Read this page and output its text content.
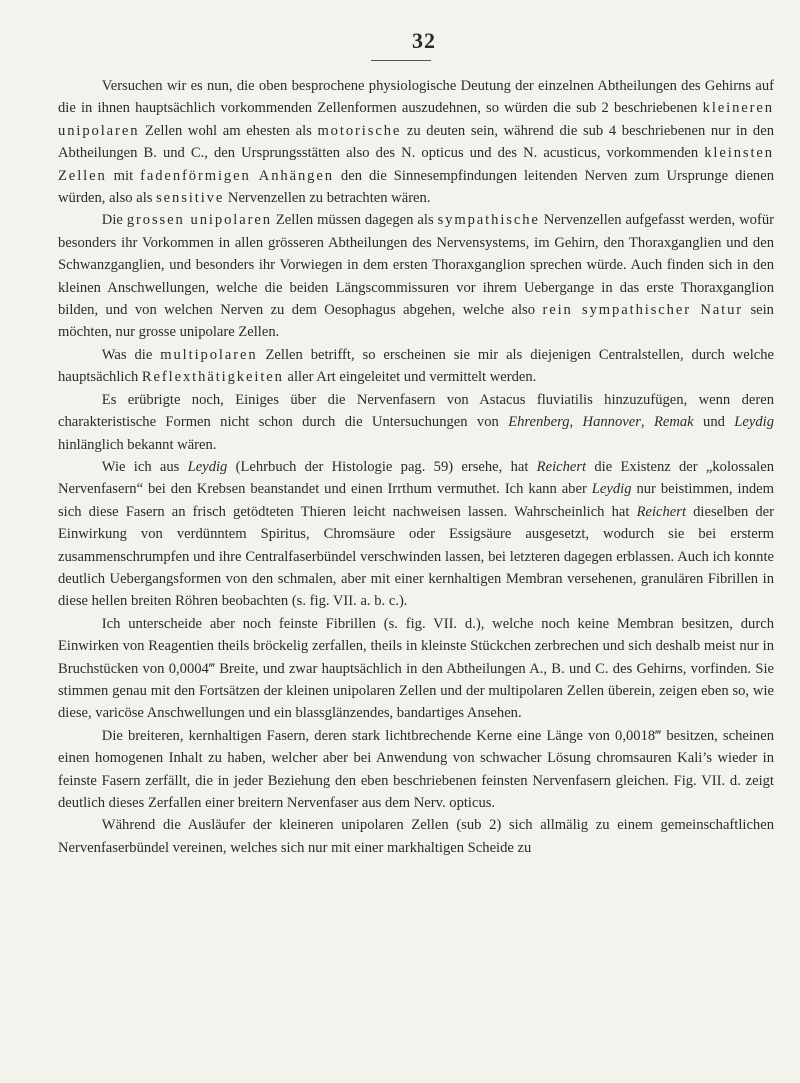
32

Versuchen wir es nun, die oben besprochene physiologische Deutung der einzelnen Abtheilungen des Gehirns auf die in ihnen hauptsächlich vorkommenden Zellenformen auszudehnen, so würden die sub 2 beschriebenen kleineren unipolaren Zellen wohl am ehesten als motorische zu deuten sein, während die sub 4 beschriebenen nur in den Abtheilungen B. und C., den Ursprungsstätten also des N. opticus und des N. acusticus, vorkommenden kleinsten Zellen mit fadenförmigen Anhängen den die Sinnesempfindungen leitenden Nerven zum Ursprunge dienen würden, also als sensitive Nervenzellen zu betrachten wären.

Die grossen unipolaren Zellen müssen dagegen als sympathische Nervenzellen aufgefasst werden, wofür besonders ihr Vorkommen in allen grösseren Abtheilungen des Nervensystems, im Gehirn, den Thoraxganglien und den Schwanzganglien, und besonders ihr Vorwiegen in dem ersten Thoraxganglion sprechen würde. Auch finden sich in den kleinen Anschwellungen, welche die beiden Längscommissuren vor ihrem Uebergange in das erste Thoraxganglion bilden, und von welchen Nerven zu dem Oesophagus abgehen, welche also rein sympathischer Natur sein möchten, nur grosse unipolare Zellen.

Was die multipolaren Zellen betrifft, so erscheinen sie mir als diejenigen Centralstellen, durch welche hauptsächlich Reflexthätigkeiten aller Art eingeleitet und vermittelt werden.

Es erübrigte noch, Einiges über die Nervenfasern von Astacus fluviatilis hinzuzufügen, wenn deren charakteristische Formen nicht schon durch die Untersuchungen von Ehrenberg, Hannover, Remak und Leydig hinlänglich bekannt wären.

Wie ich aus Leydig (Lehrbuch der Histologie pag. 59) ersehe, hat Reichert die Existenz der „kolossalen Nervenfasern“ bei den Krebsen beanstandet und einen Irrthum vermuthet. Ich kann aber Leydig nur beistimmen, indem sich diese Fasern an frisch getödteten Thieren leicht nachweisen lassen. Wahrscheinlich hat Reichert dieselben der Einwirkung von verdünntem Spiritus, Chromsäure oder Essigsäure ausgesetzt, wodurch sie bei ersterm zusammenschrumpfen und ihre Centralfaserbündel verschwinden lassen, bei letzteren dagegen erblassen. Auch ich konnte deutlich Uebergangsformen von den schmalen, aber mit einer kernhaltigen Membran versehenen, granulären Fibrillen in diese hellen breiten Röhren beobachten (s. fig. VII. a. b. c.).

Ich unterscheide aber noch feinste Fibrillen (s. fig. VII. d.), welche noch keine Membran besitzen, durch Einwirken von Reagentien theils bröckelig zerfallen, theils in kleinste Stückchen zerbrechen und sich deshalb meist nur in Bruchstücken von 0,0004‴ Breite, und zwar hauptsächlich in den Abtheilungen A., B. und C. des Gehirns, vorfinden. Sie stimmen genau mit den Fortsätzen der kleinen unipolaren Zellen und der multipolaren Zellen überein, zeigen eben so, wie diese, varicöse Anschwellungen und ein blassglänzendes, bandartiges Ansehen.

Die breiteren, kernhaltigen Fasern, deren stark lichtbrechende Kerne eine Länge von 0,0018‴ besitzen, scheinen einen homogenen Inhalt zu haben, welcher aber bei Anwendung von schwacher Lösung chromsauren Kali’s wieder in feinste Fasern zerfällt, die in jeder Beziehung den eben beschriebenen feinsten Nervenfasern gleichen. Fig. VII. d. zeigt deutlich dieses Zerfallen einer breitern Nervenfaser aus dem Nerv. opticus.

Während die Ausläufer der kleineren unipolaren Zellen (sub 2) sich allmälig zu einem gemeinschaftlichen Nervenfaserbündel vereinen, welches sich nur mit einer markhaltigen Scheide zu
